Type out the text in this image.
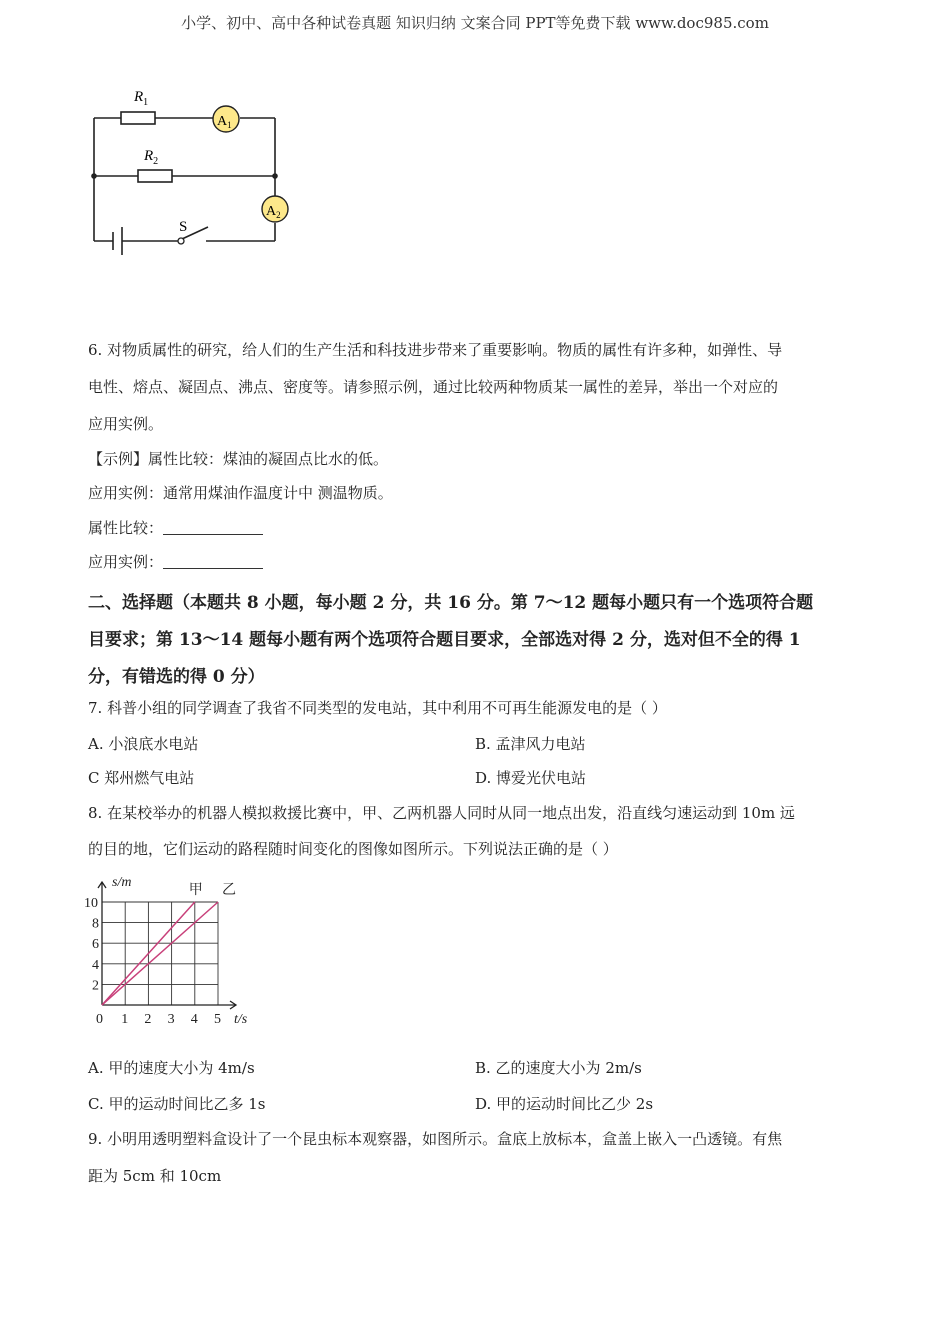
小学、初中、高中各种试卷真题 知识归纳 文案合同 PPT等免费下载 www.doc985.com
$R_1$
$R_2$
$A_1$
$A_2$
S
6. 对物质属性的研究，给人们的生产生活和科技进步带来了重要影响。物质的属性有许多种，如弹性、导
电性、熔点、凝固点、沸点、密度等。请参照示例，通过比较两种物质某一属性的差异，举出一个对应的
应用实例。
【示例】属性比较：煤油的凝固点比水的低。
应用实例：通常用煤油作温度计中 测温物质。
属性比较：
应用实例：
二、选择题（本题共 8 小题，每小题 2 分，共 16 分。第 7～12 题每小题只有一个选项符合题
目要求；第 13～14 题每小题有两个选项符合题目要求，全部选对得 2 分，选对但不全的得 1
分，有错选的得 0 分）
7. 科普小组的同学调查了我省不同类型的发电站，其中利用不可再生能源发电的是（ ）
A. 小浪底水电站	B. 孟津风力电站
C 郑州燃气电站	D. 博爱光伏电站
8. 在某校举办的机器人模拟救援比赛中，甲、乙两机器人同时从同一地点出发，沿直线匀速运动到 10m 远
的目的地，它们运动的路程随时间变化的图像如图所示。下列说法正确的是（ ）
甲 乙
0 1 2 3 4 5
2
4
6
8
10
s/m
t/s
A. 甲的速度大小为 4m/s	B. 乙的速度大小为 2m/s
C. 甲的运动时间比乙多 1s	D. 甲的运动时间比乙少 2s
9. 小明用透明塑料盒设计了一个昆虫标本观察器，如图所示。盒底上放标本，盒盖上嵌入一凸透镜。有焦
距为 5cm 和 10cm
